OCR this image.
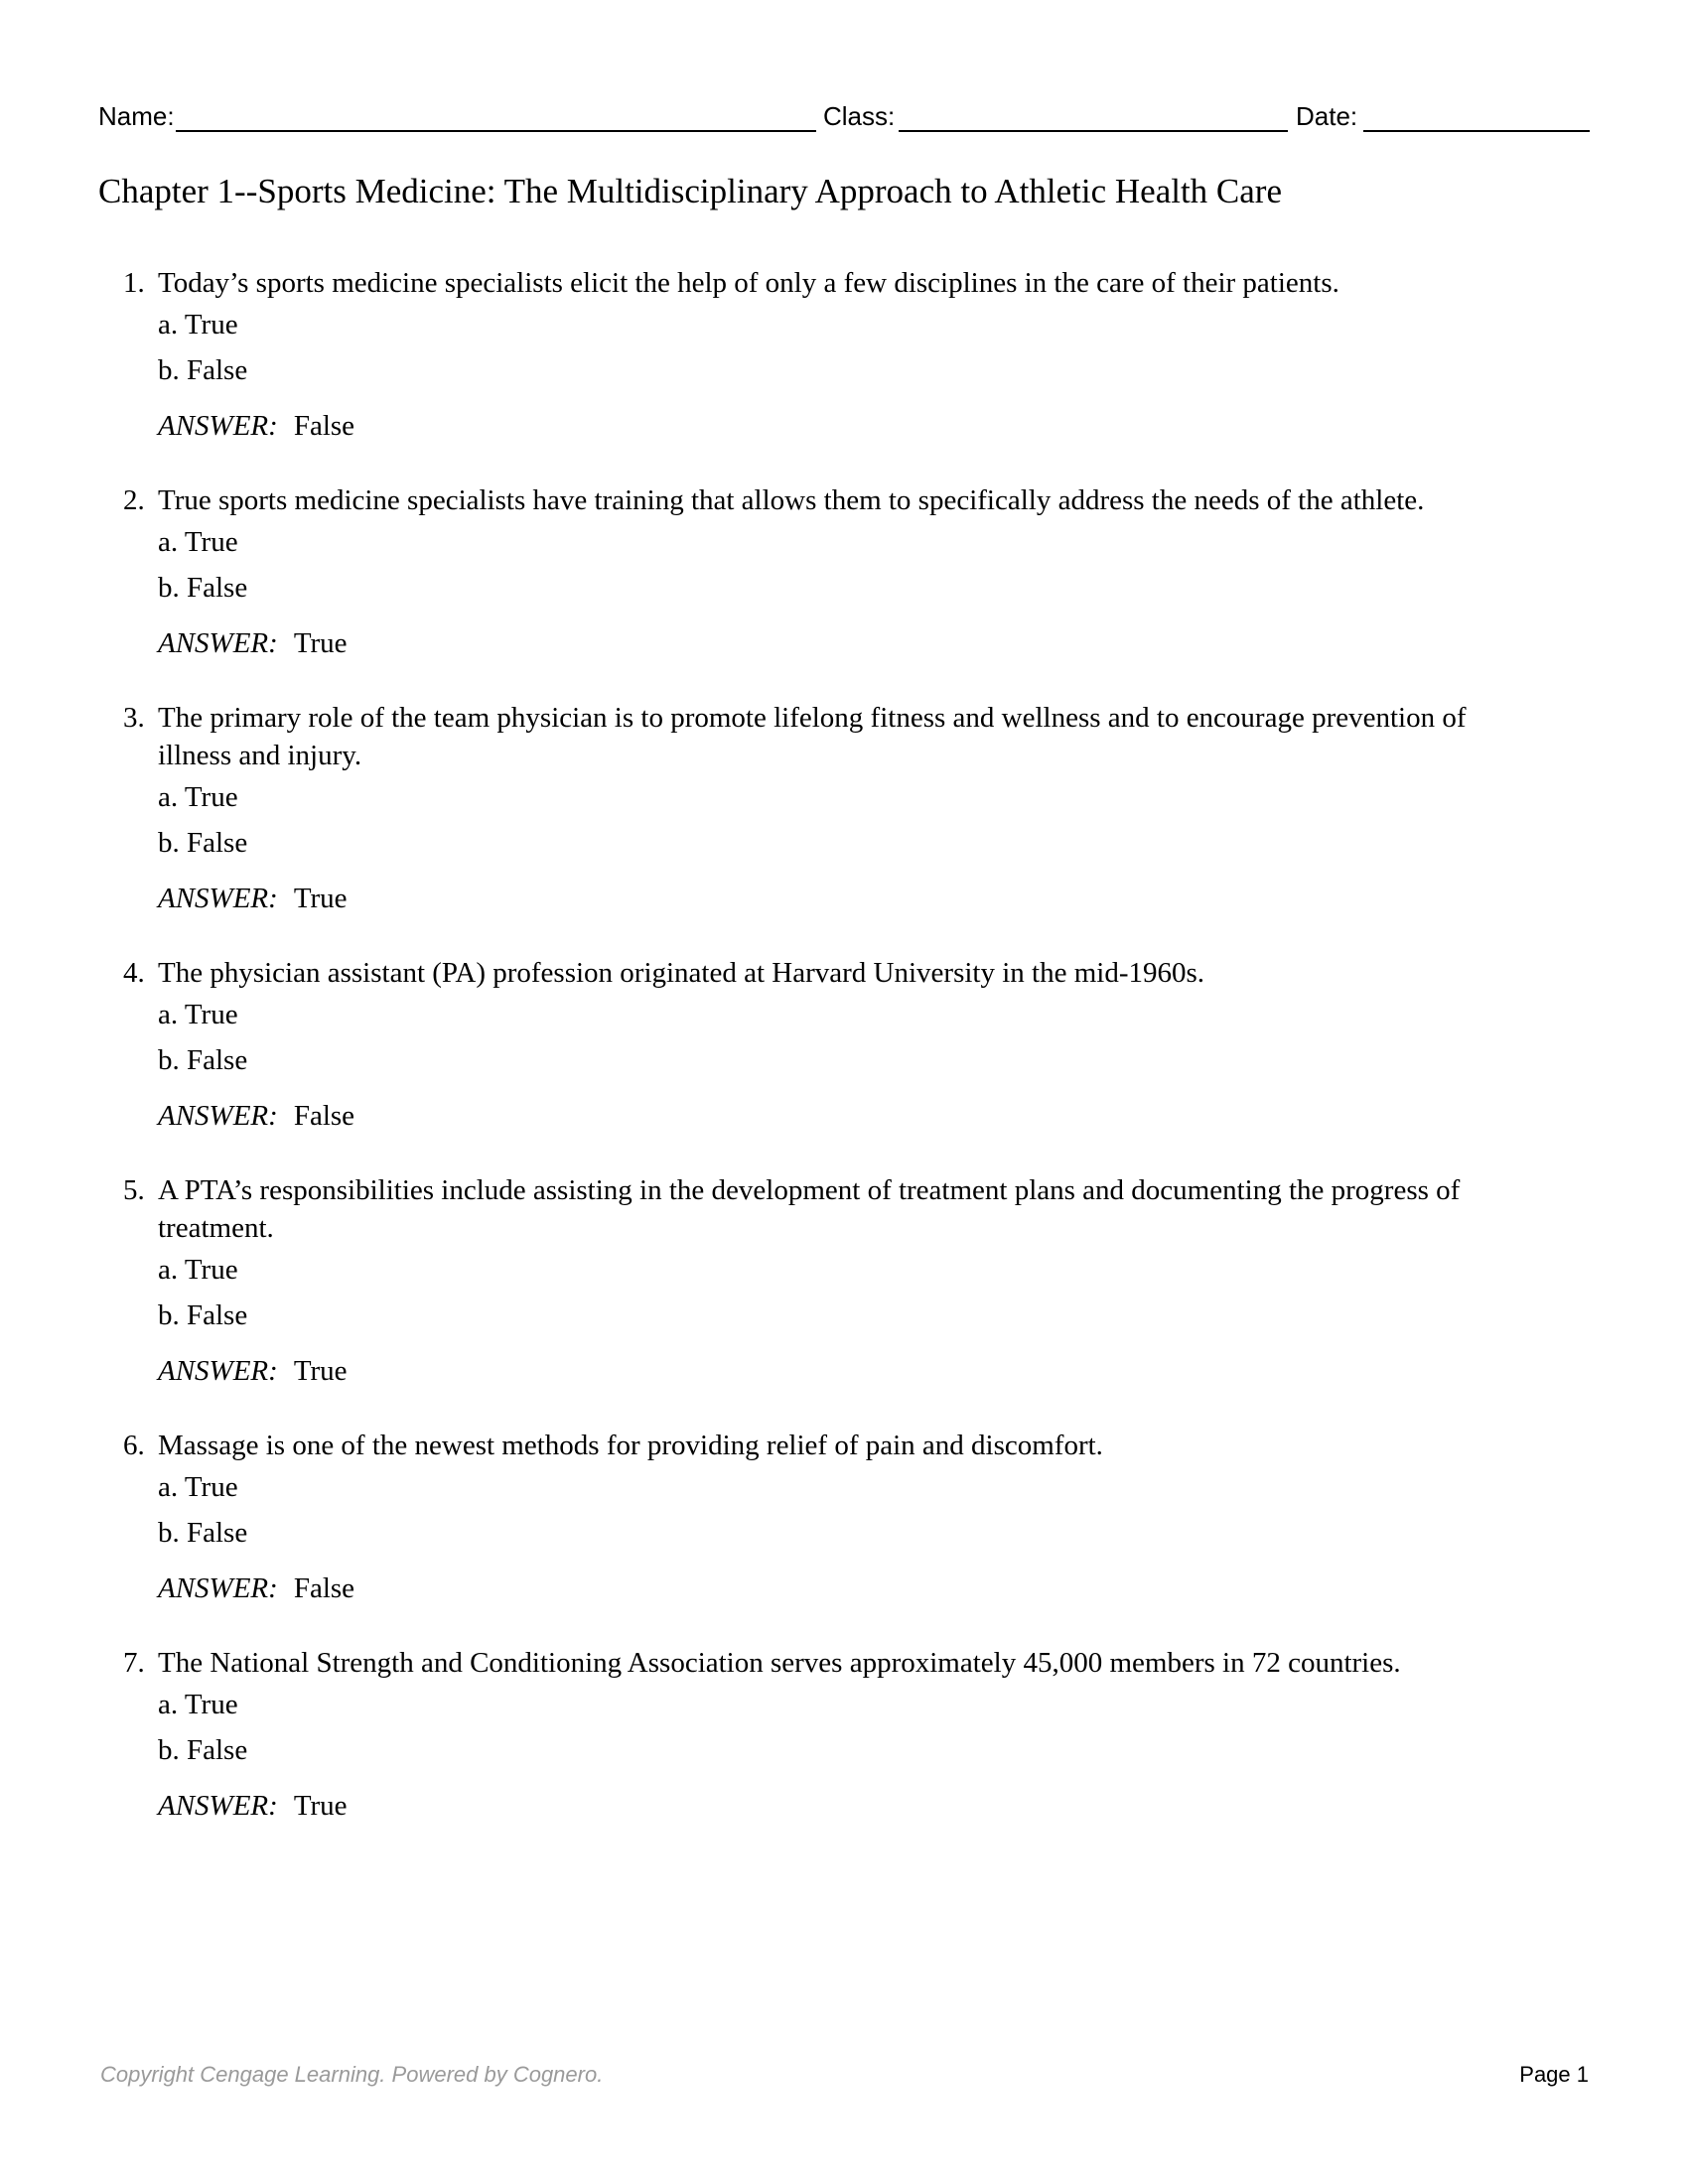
Name:	Class:	Date:
Chapter 1--Sports Medicine: The Multidisciplinary Approach to Athletic Health Care
1. Today’s sports medicine specialists elicit the help of only a few disciplines in the care of their patients.
a. True
b. False
ANSWER: False
2. True sports medicine specialists have training that allows them to specifically address the needs of the athlete.
a. True
b. False
ANSWER: True
3. The primary role of the team physician is to promote lifelong fitness and wellness and to encourage prevention of illness and injury.
a. True
b. False
ANSWER: True
4. The physician assistant (PA) profession originated at Harvard University in the mid-1960s.
a. True
b. False
ANSWER: False
5. A PTA’s responsibilities include assisting in the development of treatment plans and documenting the progress of treatment.
a. True
b. False
ANSWER: True
6. Massage is one of the newest methods for providing relief of pain and discomfort.
a. True
b. False
ANSWER: False
7. The National Strength and Conditioning Association serves approximately 45,000 members in 72 countries.
a. True
b. False
ANSWER: True
Copyright Cengage Learning. Powered by Cognero.	Page 1
